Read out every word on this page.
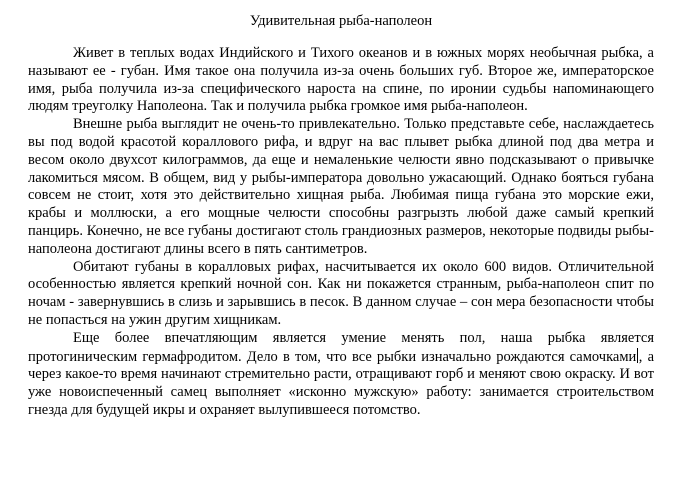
Удивительная рыба-наполеон

Живет в теплых водах Индийского и Тихого океанов и в южных морях необычная рыбка, а называют ее - губан. Имя такое она получила из-за очень больших губ. Второе же, императорское имя, рыба получила из-за специфического нароста на спине, по иронии судьбы напоминающего людям треуголку Наполеона. Так и получила рыбка громкое имя рыба-наполеон.

Внешне рыба выглядит не очень-то привлекательно. Только представьте себе, наслаждаетесь вы под водой красотой кораллового рифа, и вдруг на вас плывет рыбка длиной под два метра и весом около двухсот килограммов, да еще и немаленькие челюсти явно подсказывают о привычке лакомиться мясом. В общем, вид у рыбы-императора довольно ужасающий. Однако бояться губана совсем не стоит, хотя это действительно хищная рыба. Любимая пища губана это морские ежи, крабы и моллюски, а его мощные челюсти способны разгрызть любой даже самый крепкий панцирь. Конечно, не все губаны достигают столь грандиозных размеров, некоторые подвиды рыбы-наполеона достигают длины всего в пять сантиметров.

Обитают губаны в коралловых рифах, насчитывается их около 600 видов. Отличительной особенностью является крепкий ночной сон. Как ни покажется странным, рыба-наполеон спит по ночам - завернувшись в слизь и зарывшись в песок. В данном случае – сон мера безопасности чтобы не попасться на ужин другим хищникам.

Еще более впечатляющим является умение менять пол, наша рыбка является протогиническим гермафродитом. Дело в том, что все рыбки изначально рождаются самочками , а через какое-то время начинают стремительно расти, отращивают горб и меняют свою окраску. И вот уже новоиспеченный самец выполняет «исконно мужскую» работу: занимается строительством гнезда для будущей икры и охраняет вылупившееся потомство.
